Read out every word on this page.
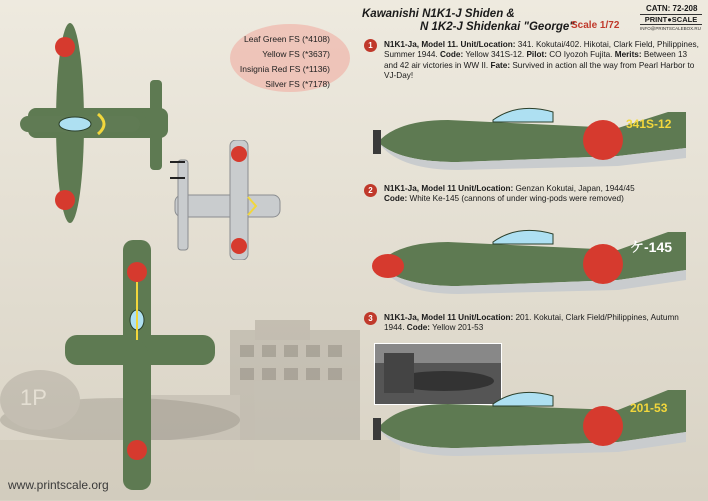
1P
Kawanishi N1K1-J Shiden &
N 1K2-J Shidenkai "George"
Scale 1/72
CATN: 72-208
PRINT●SCALE
INFO@PRINTSCALEBOX.RU
Leaf Green FS (*4108)
Yellow FS (*3637)
Insignia Red FS (*1136)
Silver FS (*7178)
1	N1K1-Ja, Model 11. Unit/Location: 341. Kokutai/402. Hikotai, Clark Field, Philippines, Summer 1944. Code: Yellow 341S-12. Pilot: CO Iyozoh Fujita. Merits: Between 13 and 42 air victories in WW II. Fate: Survived in action all the way from Pearl Harbor to VJ-Day!
341S-12
2	N1K1-Ja, Model 11 Unit/Location: Genzan Kokutai, Japan, 1944/45
Code: White Ke-145 (cannons of under wing-pods were removed)
ケ-145
3	N1K1-Ja, Model 11 Unit/Location: 201. Kokutai, Clark Field/Philippines, Autumn 1944. Code: Yellow 201-53
201-53
www.printscale.org
